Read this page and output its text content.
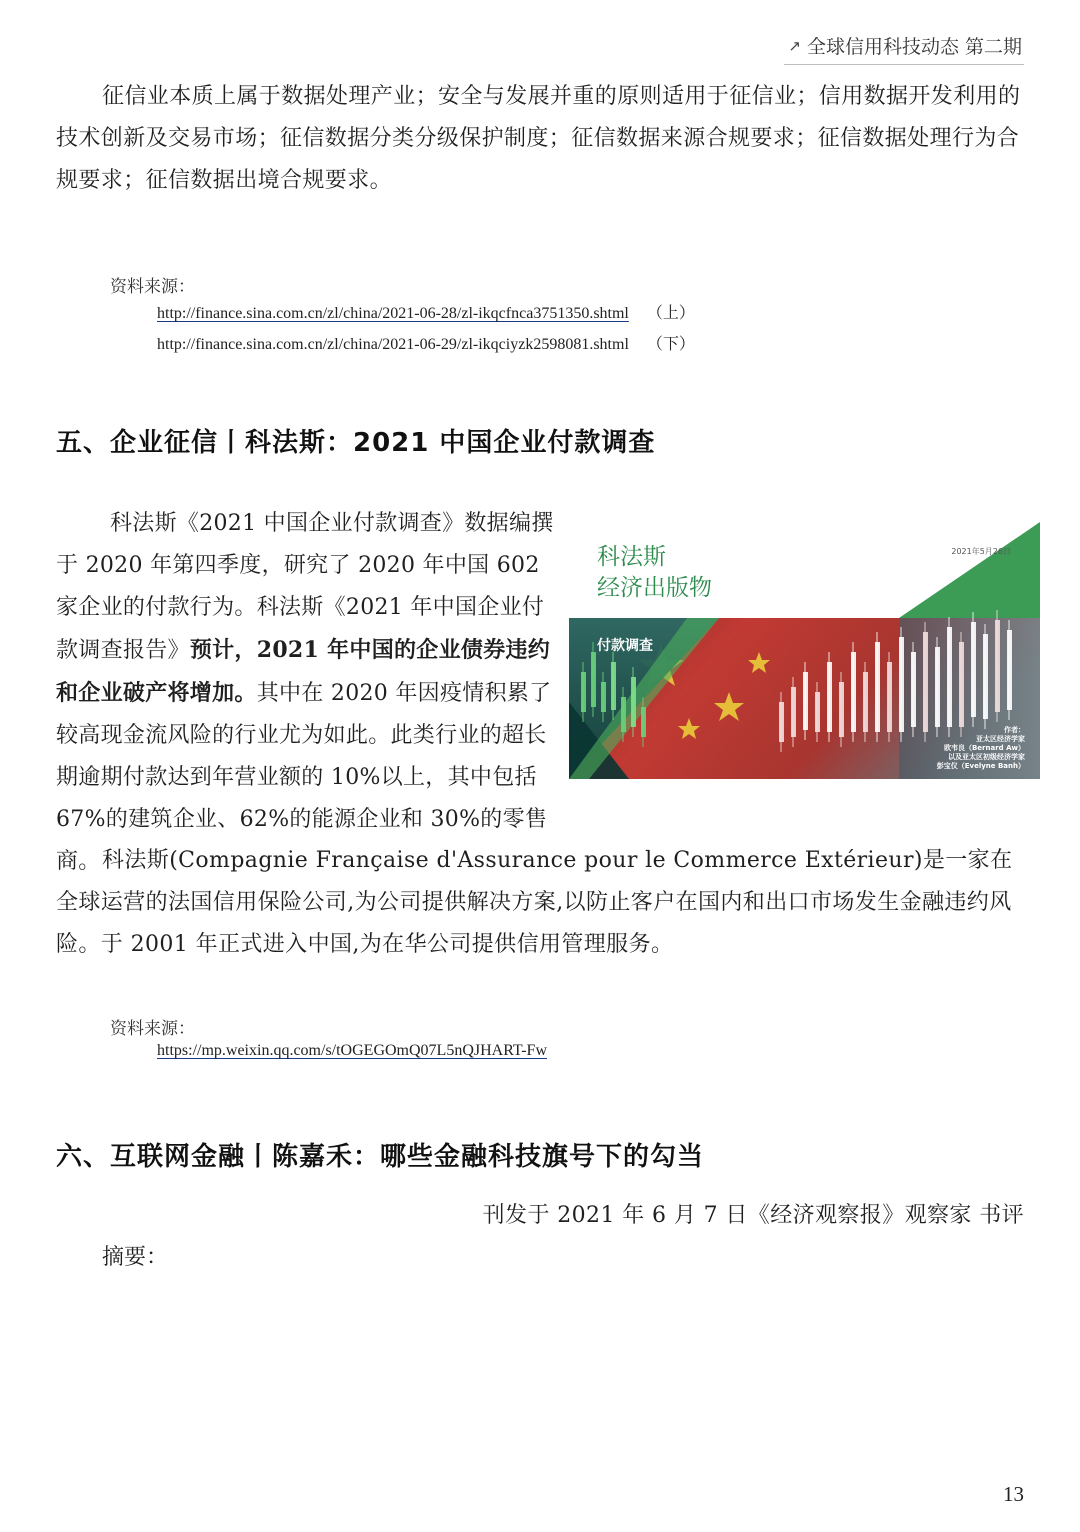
↗ 全球信用科技动态 第二期

征信业本质上属于数据处理产业；安全与发展并重的原则适用于征信业；信用数据开发利用的技术创新及交易市场；征信数据分类分级保护制度；征信数据来源合规要求；征信数据处理行为合规要求；征信数据出境合规要求。

资料来源：
http://finance.sina.com.cn/zl/china/2021-06-28/zl-ikqcfnca3751350.shtml （上）
http://finance.sina.com.cn/zl/china/2021-06-29/zl-ikqciyzk2598081.shtml （下）
五、企业征信丨科法斯：2021 中国企业付款调查

科法斯《2021 中国企业付款调查》数据编撰于 2020 年第四季度，研究了 2020 年中国 602 家企业的付款行为。科法斯《2021 年中国企业付款调查报告》预计，2021 年中国的企业债券违约和企业破产将增加。其中在 2020 年因疫情积累了较高现金流风险的行业尤为如此。此类行业的超长期逾期付款达到年营业额的 10%以上，其中包括 67%的建筑企业、62%的能源企业和 30%的零售商。

科法斯
经济出版物
2021年5月26日
付款调查
作者：
亚太区经济学家
欧韦良（Bernard Aw）
以及亚太区初级经济学家
彭宝仪（Evelyne Banh）

科法斯(Compagnie Française d'Assurance pour le Commerce Extérieur)是一家在全球运营的法国信用保险公司,为公司提供解决方案,以防止客户在国内和出口市场发生金融违约风险。于 2001 年正式进入中国,为在华公司提供信用管理服务。

资料来源：
https://mp.weixin.qq.com/s/tOGEGOmQ07L5nQJHART-Fw
六、互联网金融丨陈嘉禾：哪些金融科技旗号下的勾当
刊发于 2021 年 6 月 7 日《经济观察报》观察家 书评
摘要：
13
